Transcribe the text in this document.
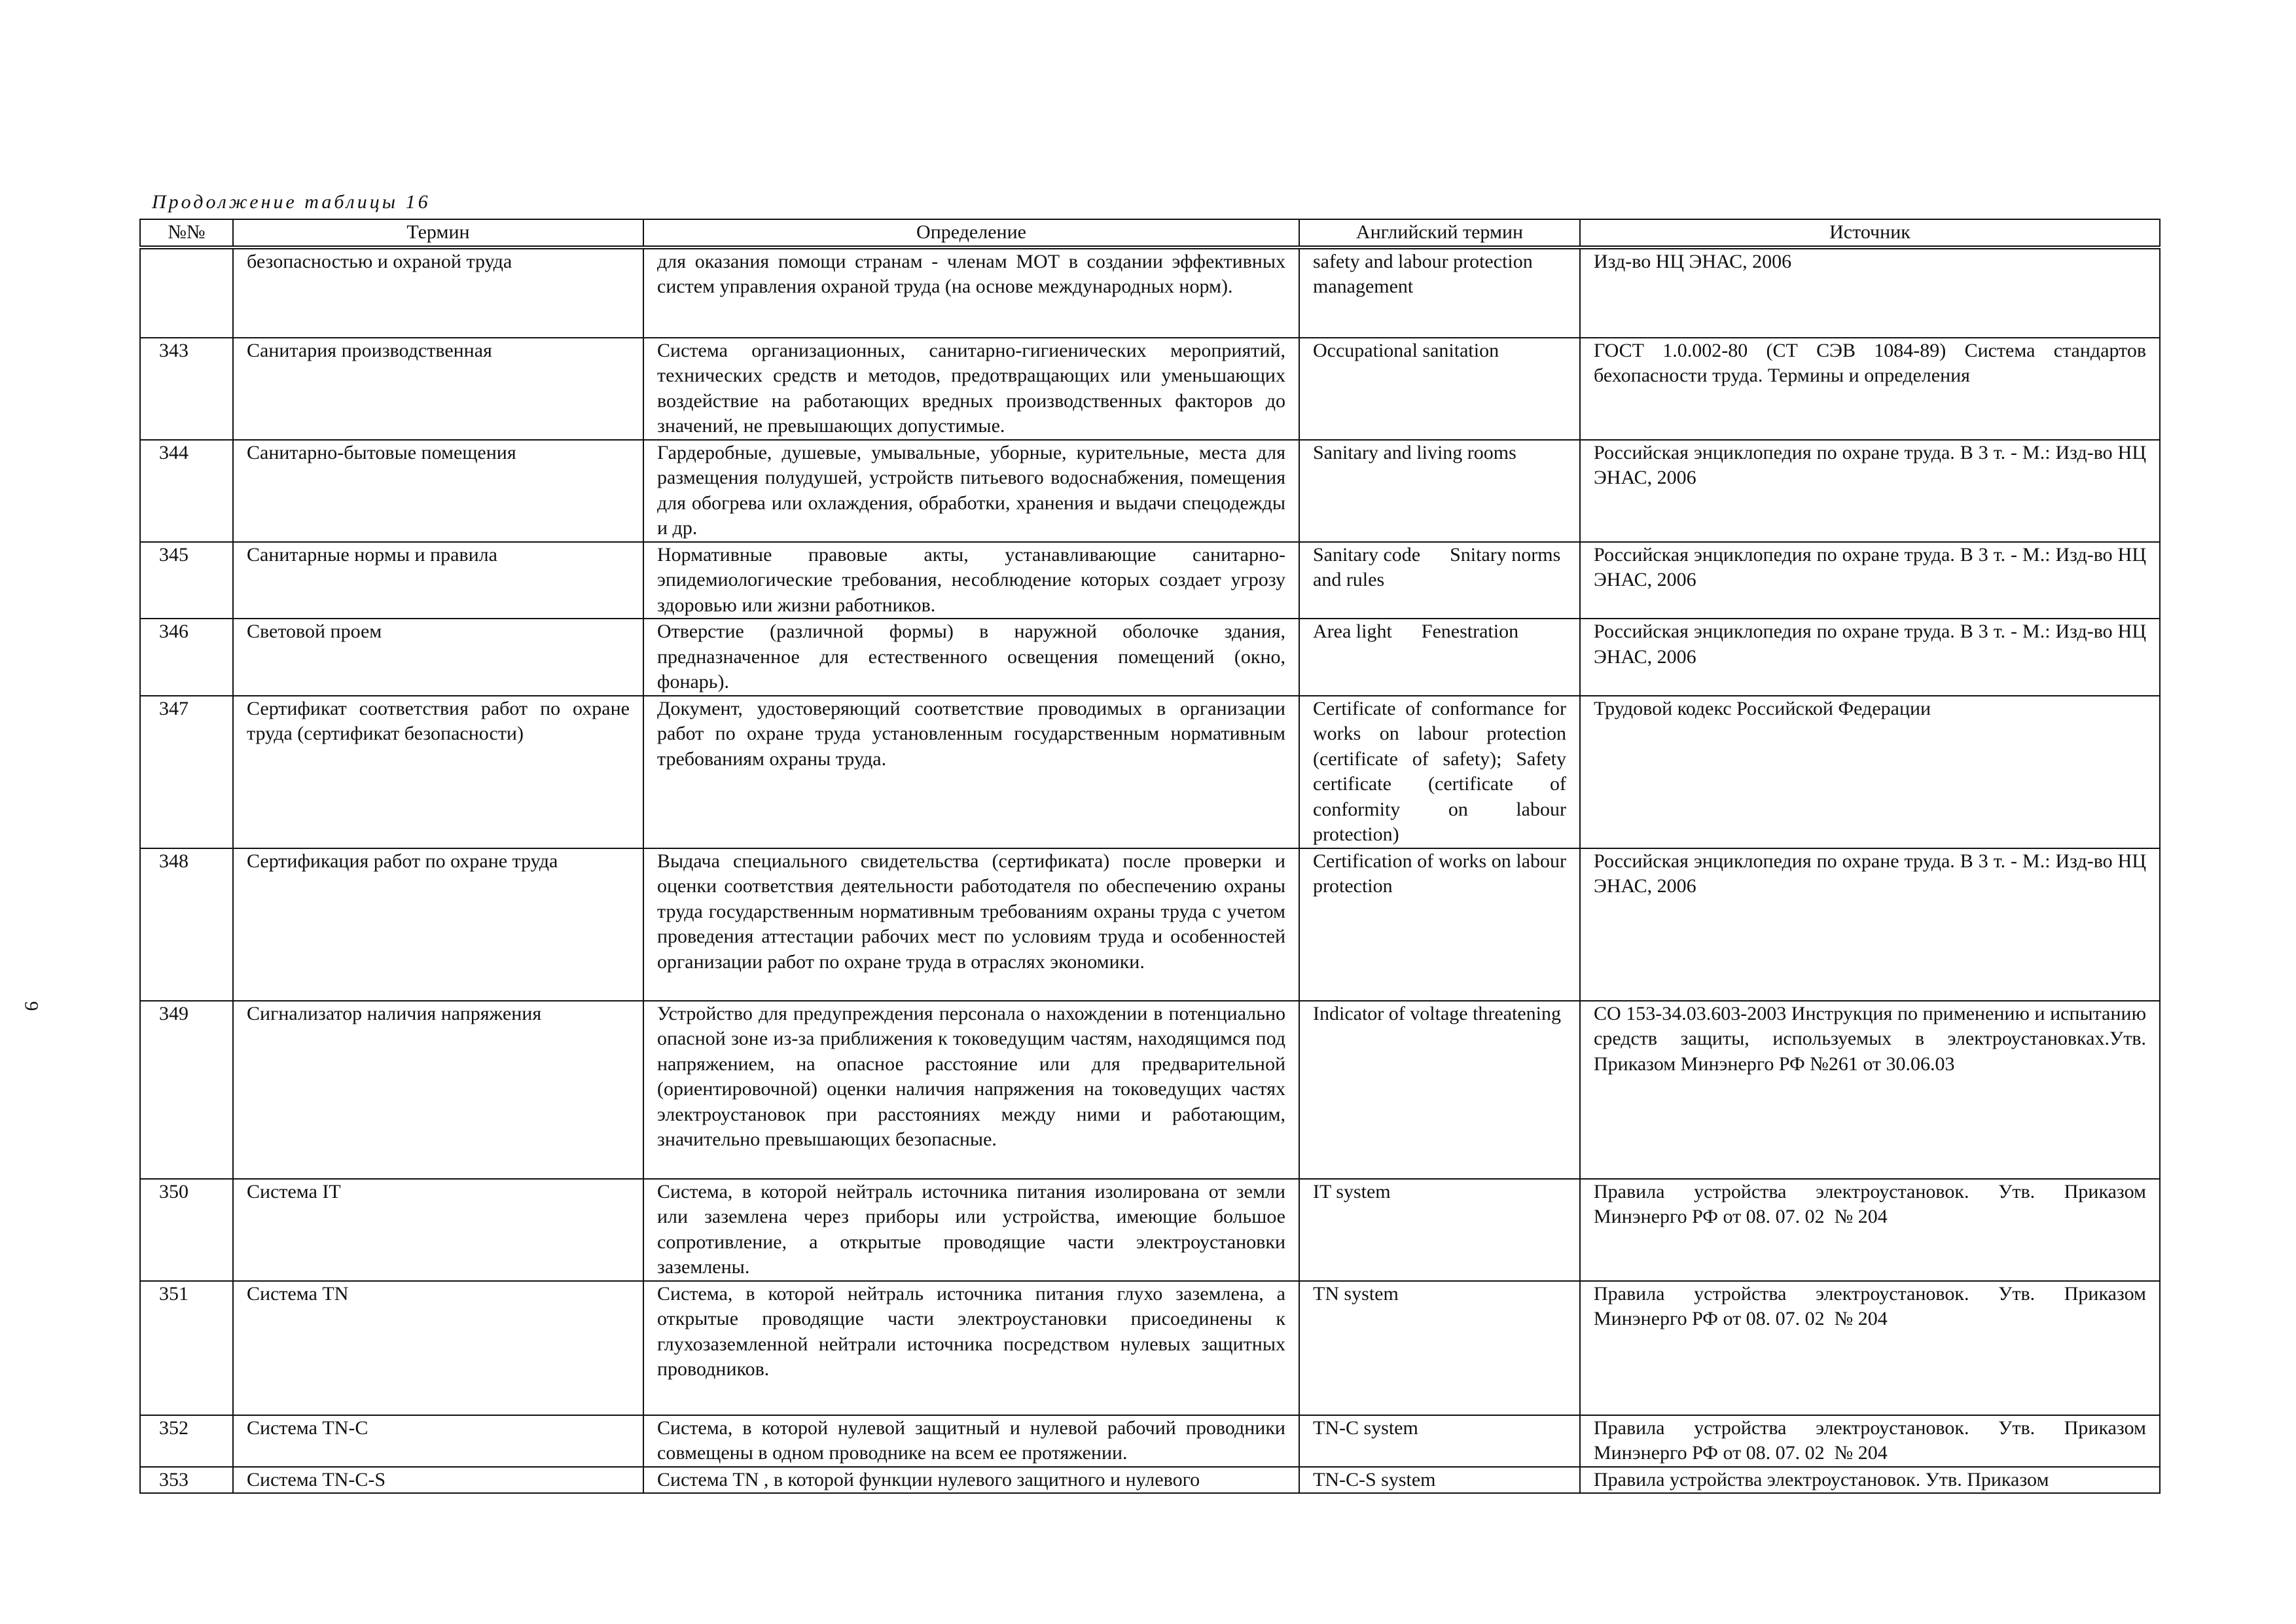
9
Продолжение таблицы 16
№№	Термин	Определение	Английский термин	Источник
	безопасностью и охраной труда	для оказания помощи странам - членам МОТ в создании эффективных систем управления охраной труда (на основе международных норм).	safety and labour protection management	Изд-во НЦ ЭНАС, 2006
343	Санитария производственная	Система организационных, санитарно-гигиенических мероприятий, технических средств и методов, предотвращающих или уменьшающих воздействие на работающих вредных производственных факторов до значений, не превышающих допустимые.	Occupational sanitation	ГОСТ 1.0.002-80 (СТ СЭВ 1084-89) Система стандартов бехопасности труда. Термины и определения
344	Санитарно-бытовые помещения	Гардеробные, душевые, умывальные, уборные, курительные, места для размещения полудушей, устройств питьевого водоснабжения, помещения для обогрева или охлаждения, обработки, хранения и выдачи спецодежды и др.	Sanitary and living rooms	Российская энциклопедия по охране труда. В 3 т. - М.: Изд-во НЦ ЭНАС, 2006
345	Санитарные нормы и правила	Нормативные правовые акты, устанавливающие санитарно-эпидемиологические требования, несоблюдение которых создает угрозу здоровью или жизни работников.	Sanitary code      Snitary norms and rules	Российская энциклопедия по охране труда. В 3 т. - М.: Изд-во НЦ ЭНАС, 2006
346	Световой проем	Отверстие (различной формы) в наружной оболочке здания, предназначенное для естественного освещения помещений (окно, фонарь).	Area light      Fenestration	Российская энциклопедия по охране труда. В 3 т. - М.: Изд-во НЦ ЭНАС, 2006
347	Сертификат соответствия работ по охране труда (сертификат безопасности)	Документ, удостоверяющий соответствие проводимых в организации работ по охране труда установленным государственным нормативным требованиям охраны труда.	Certificate of conformance for works on labour protection (certificate of safety); Safety certificate (certificate of conformity on labour protection)	Трудовой кодекс Российской Федерации
348	Сертификация работ по охране труда	Выдача специального свидетельства (сертификата) после проверки и оценки соответствия деятельности работодателя по обеспечению охраны труда государственным нормативным требованиям охраны труда с учетом проведения аттестации рабочих мест по условиям труда и особенностей организации работ по охране труда в отраслях экономики.	Certification of works on labour protection	Российская энциклопедия по охране труда. В 3 т. - М.: Изд-во НЦ ЭНАС, 2006
349	Сигнализатор наличия напряжения	Устройство для предупреждения персонала о нахождении в потенциально опасной зоне из-за приближения к токоведущим частям, находящимся под напряжением, на опасное расстояние или для предварительной (ориентировочной) оценки наличия напряжения на токоведущих частях электроустановок при расстояниях между ними и работающим, значительно превышающих безопасные.	Indicator of voltage threatening	СО 153-34.03.603-2003 Инструкция по применению и испытанию средств защиты, используемых в электроустановках.Утв. Приказом Минэнерго РФ №261 от 30.06.03
350	Система IT	Система, в которой нейтраль источника питания изолирована от земли или заземлена через приборы или устройства, имеющие большое сопротивление, а открытые проводящие части электроустановки заземлены.	IT system	Правила устройства электроустановок. Утв. Приказом Минэнерго РФ от 08. 07. 02  № 204
351	Система TN	Система, в которой нейтраль источника питания глухо заземлена, а открытые проводящие части электроустановки присоединены к глухозаземленной нейтрали источника посредством нулевых защитных проводников.	TN system	Правила устройства электроустановок. Утв. Приказом Минэнерго РФ от 08. 07. 02  № 204
352	Система TN-C	Система, в которой нулевой защитный и нулевой рабочий проводники совмещены в одном проводнике на всем ее протяжении.	TN-C system	Правила устройства электроустановок. Утв. Приказом Минэнерго РФ от 08. 07. 02  № 204
353	Система TN-C-S	Система TN , в которой функции нулевого защитного и нулевого	TN-C-S system	Правила устройства электроустановок. Утв. Приказом
